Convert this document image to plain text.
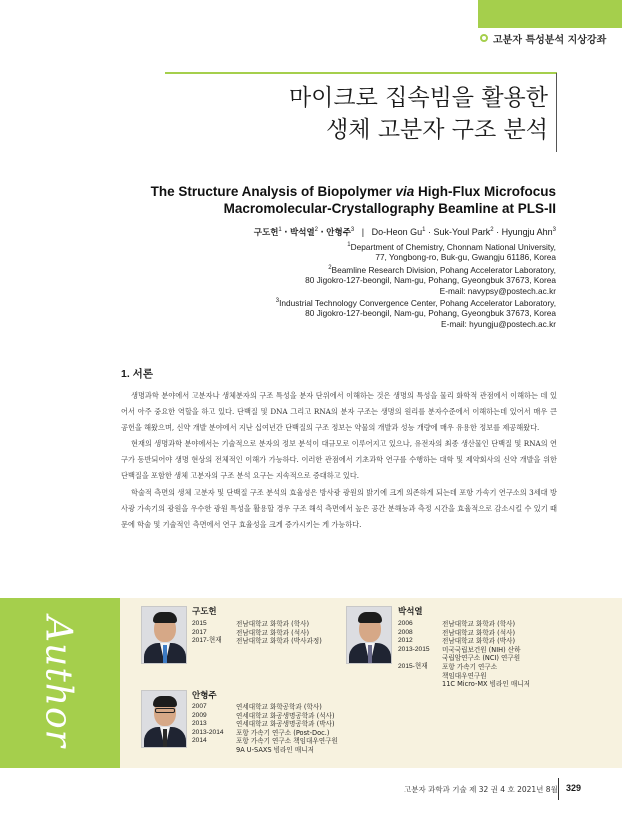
고분자 특성분석 지상강좌
마이크로 집속빔을 활용한
생체 고분자 구조 분석
The Structure Analysis of Biopolymer via High-Flux Microfocus
Macromolecular-Crystallography Beamline at PLS-II
구도헌$^1$ · 박석열$^2$ · 안형주$^3$ | Do-Heon $Gu^1$ · Suk-Youl Park$^2$ · Hyungju Ahn$^3$
$^1$Department of Chemistry, Chonnam National University,
77, Yongbong-ro, Buk-gu, Gwangju 61186, Korea
$^2$Beamline Research Division, Pohang Accelerator Laboratory,
80 Jigokro-127-beongil, Nam-gu, Pohang, Gyeongbuk 37673, Korea
E-mail: navypsy@postech.ac.kr
$^3$Industrial Technology Convergence Center, Pohang Accelerator Laboratory,
80 Jigokro-127-beongil, Nam-gu, Pohang, Gyeongbuk 37673, Korea
E-mail: hyungju@postech.ac.kr
1. 서론

생명과학 분야에서 고분자나 생체분자의 구조 특성을 분자 단위에서 이해하는 것은 생명의 특성을 물리 화학적 관점에서 이해하는 데 있어서 아주 중요한 역할을 하고 있다. 단백질 및 DNA 그리고 RNA의 분자 구조는 생명의 원리를 분자수준에서 이해하는데 있어서 매우 큰 공헌을 해왔으며, 신약 개발 분야에서 지난 십여년간 단백질의 구조 정보는 약물의 개발과 성능 개량에 매우 유용한 정보를 제공해왔다.

현재의 생명과학 분야에서는 기술적으로 분자의 정보 분석이 대규모로 이루어지고 있으나, 유전자의 최종 생산물인 단백질 및 RNA의 연구가 동반되어야 생명 현상의 전체적인 이해가 가능하다. 이러한 관점에서 기초과학 연구를 수행하는 대학 및 제약회사의 신약 개발을 위한 단백질을 포함한 생체 고분자의 구조 분석 요구는 지속적으로 증대하고 있다.

학술적 측면의 생체 고분자 및 단백질 구조 분석의 효율성은 방사광 광원의 밝기에 크게 의존하게 되는데 포항 가속기 연구소의 3세대 방사광 가속기의 광원을 우수한 광원 특성을 활용할 경우 구조 해석 측면에서 높은 공간 분해능과 측정 시간을 효율적으로 감소시킬 수 있기 때문에 학술 및 기술적인 측면에서 연구 효율성을 크게 증가시키는 게 가능하다.

Author
구도헌
2015	전남대학교 화학과 (학사)
2017	전남대학교 화학과 (석사)
2017-현재	전남대학교 화학과 (박사과정)
박석열
2006	전남대학교 화학과 (학사)
2008	전남대학교 화학과 (석사)
2012	전남대학교 화학과 (박사)
2013-2015	미국국립보건원 (NIH) 산하
국립암연구소 (NCI) 연구원
2015-현재	포항 가속기 연구소
책임대우연구원
11C Micro-MX 빔라인 매니저
안형주
2007	연세대학교 화학공학과 (학사)
2009	연세대학교 화공생명공학과 (석사)
2013	연세대학교 화공생명공학과 (박사)
2013-2014	포항 가속기 연구소 (Post-Doc.)
2014	포항 가속기 연구소 책임대우연구원
9A U-SAXS 빔라인 매니저
고분자 과학과 기술 제 32 권 4 호 2021년 8월 329
